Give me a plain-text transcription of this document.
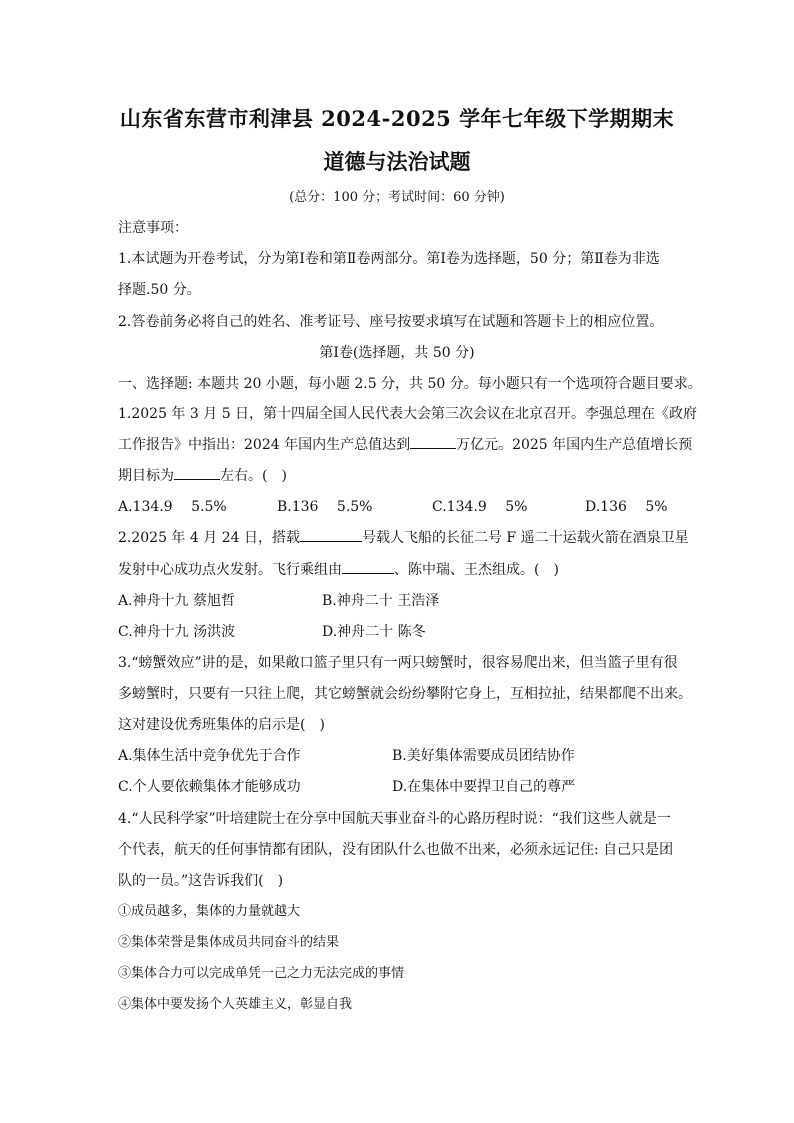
山东省东营市利津县 2024-2025 学年七年级下学期期末
道德与法治试题
(总分：100 分；考试时间：60 分钟)
注意事项：
1.本试题为开卷考试，分为第Ⅰ卷和第Ⅱ卷两部分。第Ⅰ卷为选择题，50 分；第Ⅱ卷为非选
择题.50 分。
2.答卷前务必将自己的姓名、准考证号、座号按要求填写在试题和答题卡上的相应位置。
第Ⅰ卷(选择题，共 50 分)
一、选择题: 本题共 20 小题，每小题 2.5 分，共 50 分。每小题只有一个选项符合题目要求。
1.2025 年 3 月 5 日，第十四届全国人民代表大会第三次会议在北京召开。李强总理在《政府
工作报告》中指出：2024 年国内生产总值达到	万亿元。2025 年国内生产总值增长预
期目标为	左右。(　)
A.134.9　 5.5%	B.136　 5.5%	C.134.9　 5%	D.136　 5%
2.2025 年 4 月 24 日，搭载	号载人飞船的长征二号 F 遥二十运载火箭在酒泉卫星
发射中心成功点火发射。飞行乘组由	、陈中瑞、王杰组成。(　)
A.神舟十九 蔡旭哲	B.神舟二十 王浩泽
C.神舟十九 汤洪波	D.神舟二十 陈冬
3.“螃蟹效应”讲的是，如果敞口篮子里只有一两只螃蟹时，很容易爬出来，但当篮子里有很
多螃蟹时，只要有一只往上爬，其它螃蟹就会纷纷攀附它身上，互相拉扯，结果都爬不出来。
这对建设优秀班集体的启示是(　)
A.集体生活中竞争优先于合作	B.美好集体需要成员团结协作
C.个人要依赖集体才能够成功	D.在集体中要捍卫自己的尊严
4.“人民科学家”叶培建院士在分享中国航天事业奋斗的心路历程时说：“我们这些人就是一
个代表，航天的任何事情都有团队，没有团队什么也做不出来，必须永远记住: 自己只是团
队的一员。”这告诉我们(　)
①成员越多，集体的力量就越大
②集体荣誉是集体成员共同奋斗的结果
③集体合力可以完成单凭一己之力无法完成的事情
④集体中要发扬个人英雄主义，彰显自我
